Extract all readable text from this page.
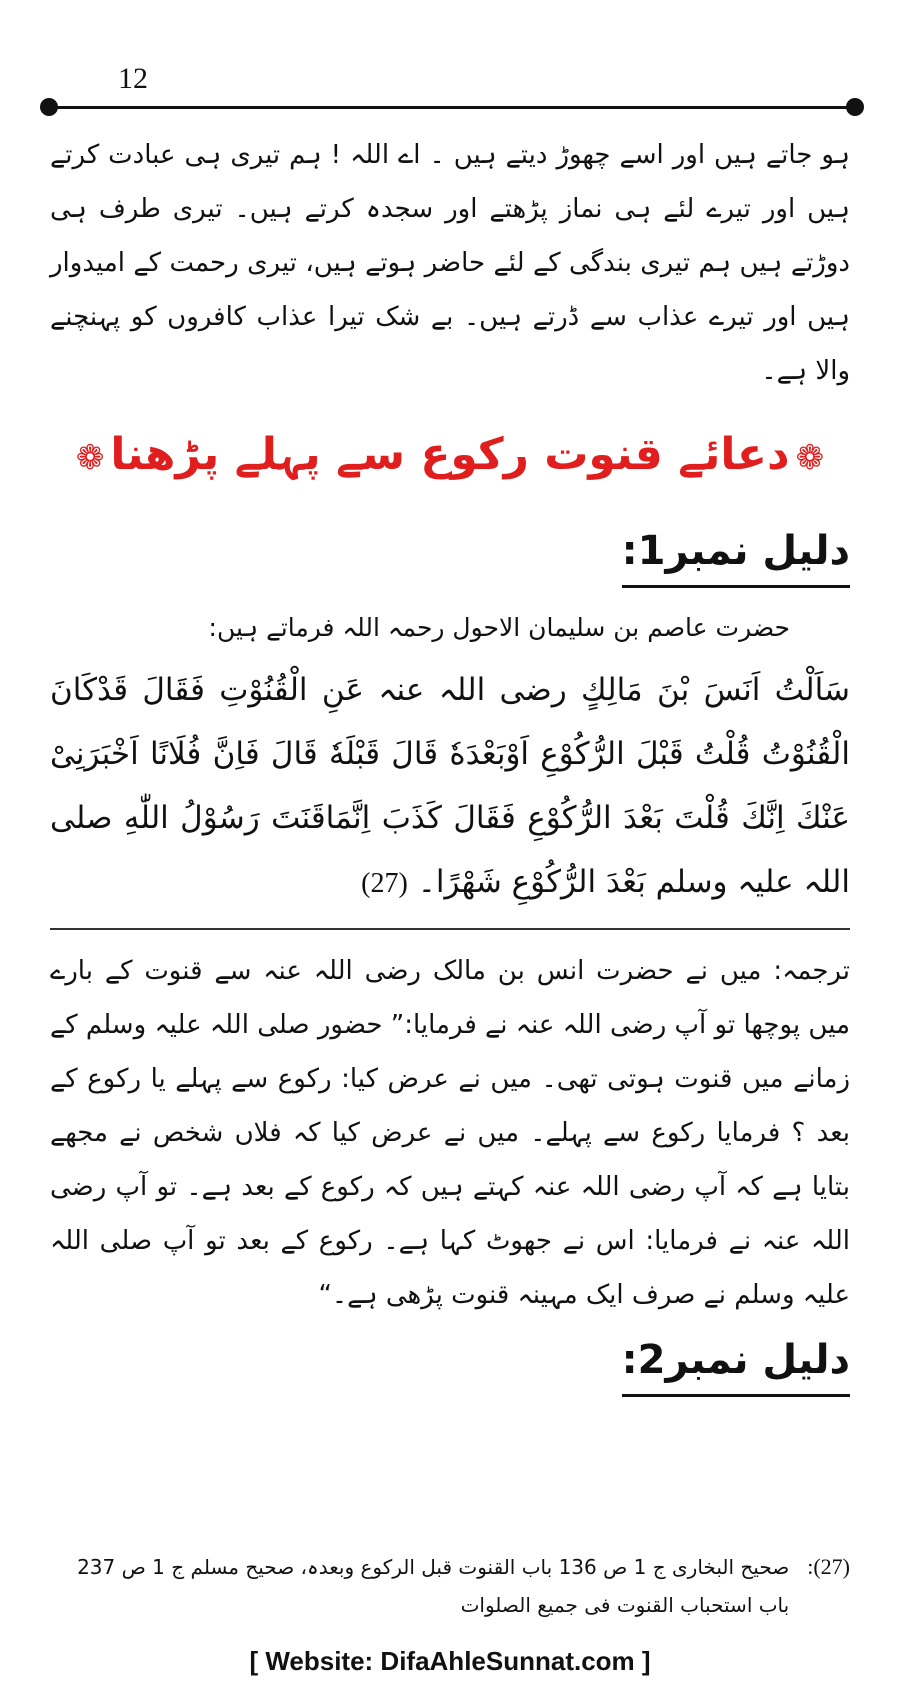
12

ہو جاتے ہیں اور اسے چھوڑ دیتے ہیں ۔ اے اللہ ! ہم تیری ہی عبادت کرتے ہیں اور تیرے لئے ہی نماز پڑھتے اور سجدہ کرتے ہیں۔ تیری طرف ہی دوڑتے ہیں ہم تیری بندگی کے لئے حاضر ہوتے ہیں، تیری رحمت کے امیدوار ہیں اور تیرے عذاب سے ڈرتے ہیں۔ بے شک تیرا عذاب کافروں کو پہنچنے والا ہے۔

❁دعائے قنوت رکوع سے پہلے پڑھنا❁
دلیل نمبر1:

حضرت عاصم بن سلیمان الاحول رحمہ اللہ فرماتے ہیں:

سَاَلْتُ اَنَسَ بْنَ مَالِكٍ رضی اللہ عنہ عَنِ الْقُنُوْتِ فَقَالَ قَدْكَانَ الْقُنُوْتُ قُلْتُ قَبْلَ الرُّكُوْعِ اَوْبَعْدَهٗ قَالَ قَبْلَهٗ قَالَ فَاِنَّ فُلَانًا اَخْبَرَنِیْ عَنْكَ اِنَّكَ قُلْتَ بَعْدَ الرُّكُوْعِ فَقَالَ كَذَبَ اِنَّمَاقَنَتَ رَسُوْلُ اللّٰهِ صلی اللہ علیہ وسلم بَعْدَ الرُّكُوْعِ شَهْرًا۔ (27)

ترجمہ: میں نے حضرت انس بن مالک رضی اللہ عنہ سے قنوت کے بارے میں پوچھا تو آپ رضی اللہ عنہ نے فرمایا:” حضور صلی اللہ علیہ وسلم کے زمانے میں قنوت ہوتی تھی۔ میں نے عرض کیا: رکوع سے پہلے یا رکوع کے بعد ؟ فرمایا رکوع سے پہلے۔ میں نے عرض کیا کہ فلاں شخص نے مجھے بتایا ہے کہ آپ رضی اللہ عنہ کہتے ہیں کہ رکوع کے بعد ہے۔ تو آپ رضی اللہ عنہ نے فرمایا: اس نے جھوٹ کہا ہے۔ رکوع کے بعد تو آپ صلی اللہ علیہ وسلم نے صرف ایک مہینہ قنوت پڑھی ہے۔“

دلیل نمبر2:
(27):
صحیح البخاری ج 1 ص 136 باب القنوت قبل الرکوع وبعدہ، صحیح مسلم ج 1 ص 237 باب استحباب القنوت فی جمیع الصلوات
[ Website: DifaAhleSunnat.com ]
